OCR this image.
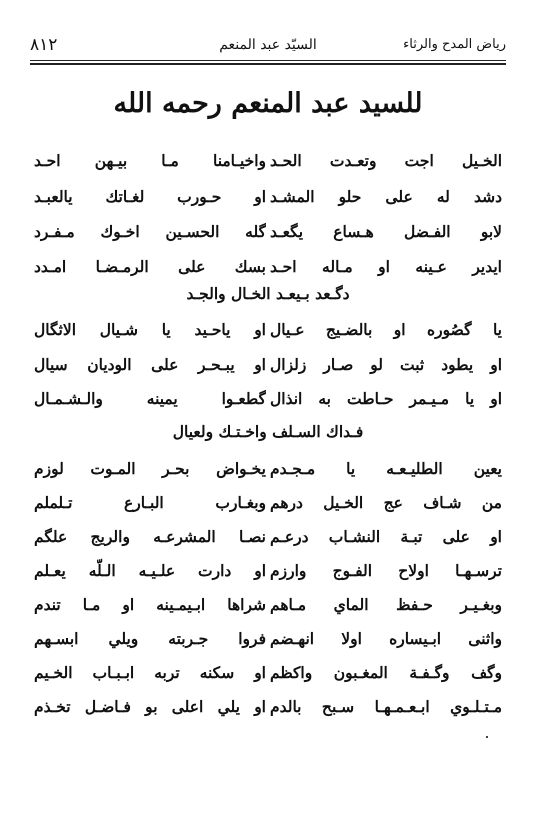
رياض المدح والرثاء
السيّد عبد المنعم
٨١٢
للسيد عبد المنعم رحمه الله
الخـيل اجت وتعـدت الحـد
واخيـامنا مـا بيـهن احـد
دشد له على حلو المشـد
او حـورب لغـاتك يالعبـد
لابو الفـضل هـساع يگعـد
گله الحسـين اخـوك مـفـرد
ايدير عـينه او مـاله احـد
بسك على الرمـضـا امـدد
دگـعد بـيعـد الخـال والجـد
يا گصُوره او بالضـيج عـيال
او ياحـيد يا شـيال الاثگال
او يطود ثبت لو صـار زلزال
او يبـحـر على الوديان سيال
او يا مـيـمر حـاطت به انذال
گطعـوا يمينه والـشـمـال
فـداك السـلف واخـتـك ولعيال
يعين الطليـعـه يا مـجـدم
يخـواض بحـر المـوت لوزم
من شـاف عج الخـيل درهم
وبغـارب البـارع تـلملم
او على تبـة النشـاب درعـم
نصـا المشرعـه والريج علگم
ترسـهـا اولاح الفـوج وارزم
او دارت علـيـه الـلّه يعـلم
وبغـيـر حـفظ الماي مـاهم
شراها ابـيمـينه او مـا تندم
واثنى ابـيساره اولا انهـضم
فروا جـربته ويلي ابسـهم
وگف وگـفـة المغـبون واكظم
او سكنه تربه ابـبـاب الخـيم
مـتـلـوي ابـعـمـهـا سـبح بالدم
او يلي اعلى بو فـاضـل تخـذم
